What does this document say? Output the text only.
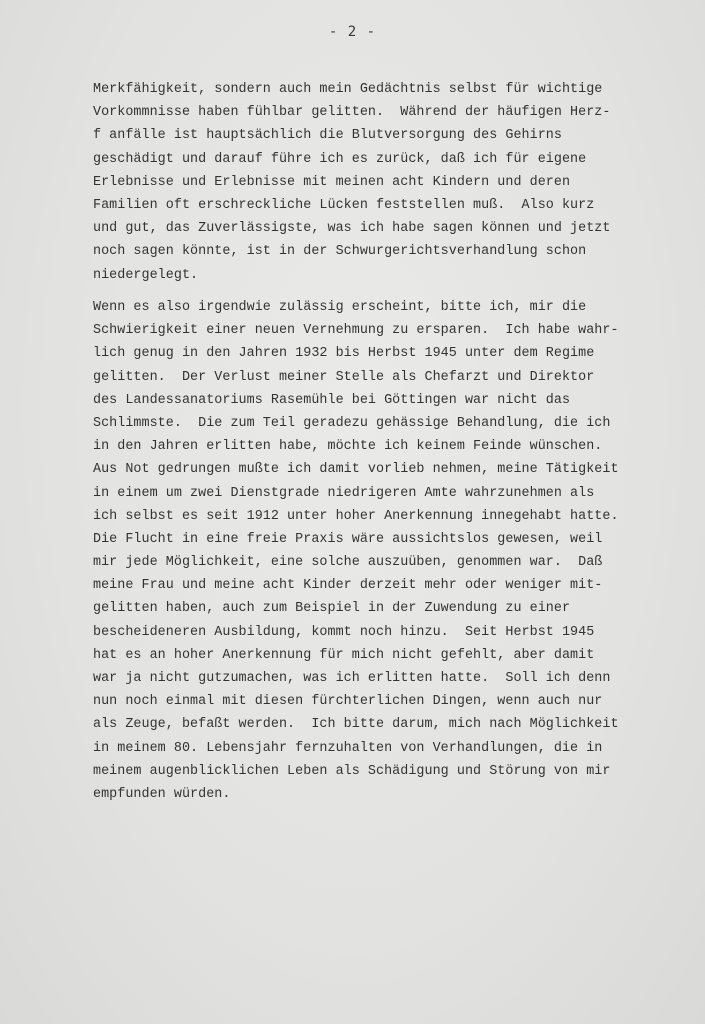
- 2 -
Merkfähigkeit, sondern auch mein Gedächtnis selbst für wichtige
Vorkommnisse haben fühlbar gelitten.  Während der häufigen Herz-
f anfälle ist hauptsächlich die Blutversorgung des Gehirns
geschädigt und darauf führe ich es zurück, daß ich für eigene
Erlebnisse und Erlebnisse mit meinen acht Kindern und deren
Familien oft erschreckliche Lücken feststellen muß.  Also kurz
und gut, das Zuverlässigste, was ich habe sagen können und jetzt
noch sagen könnte, ist in der Schwurgerichtsverhandlung schon
niedergelegt.
Wenn es also irgendwie zulässig erscheint, bitte ich, mir die
Schwierigkeit einer neuen Vernehmung zu ersparen.  Ich habe wahr-
lich genug in den Jahren 1932 bis Herbst 1945 unter dem Regime
gelitten.  Der Verlust meiner Stelle als Chefarzt und Direktor
des Landessanatoriums Rasemühle bei Göttingen war nicht das
Schlimmste.  Die zum Teil geradezu gehässige Behandlung, die ich
in den Jahren erlitten habe, möchte ich keinem Feinde wünschen.
Aus Not gedrungen mußte ich damit vorlieb nehmen, meine Tätigkeit
in einem um zwei Dienstgrade niedrigeren Amte wahrzunehmen als
ich selbst es seit 1912 unter hoher Anerkennung innegehabt hatte.
Die Flucht in eine freie Praxis wäre aussichtslos gewesen, weil
mir jede Möglichkeit, eine solche auszuüben, genommen war.  Daß
meine Frau und meine acht Kinder derzeit mehr oder weniger mit-
gelitten haben, auch zum Beispiel in der Zuwendung zu einer
bescheideneren Ausbildung, kommt noch hinzu.  Seit Herbst 1945
hat es an hoher Anerkennung für mich nicht gefehlt, aber damit
war ja nicht gutzumachen, was ich erlitten hatte.  Soll ich denn
nun noch einmal mit diesen fürchterlichen Dingen, wenn auch nur
als Zeuge, befaßt werden.  Ich bitte darum, mich nach Möglichkeit
in meinem 80. Lebensjahr fernzuhalten von Verhandlungen, die in
meinem augenblicklichen Leben als Schädigung und Störung von mir
empfunden würden.
